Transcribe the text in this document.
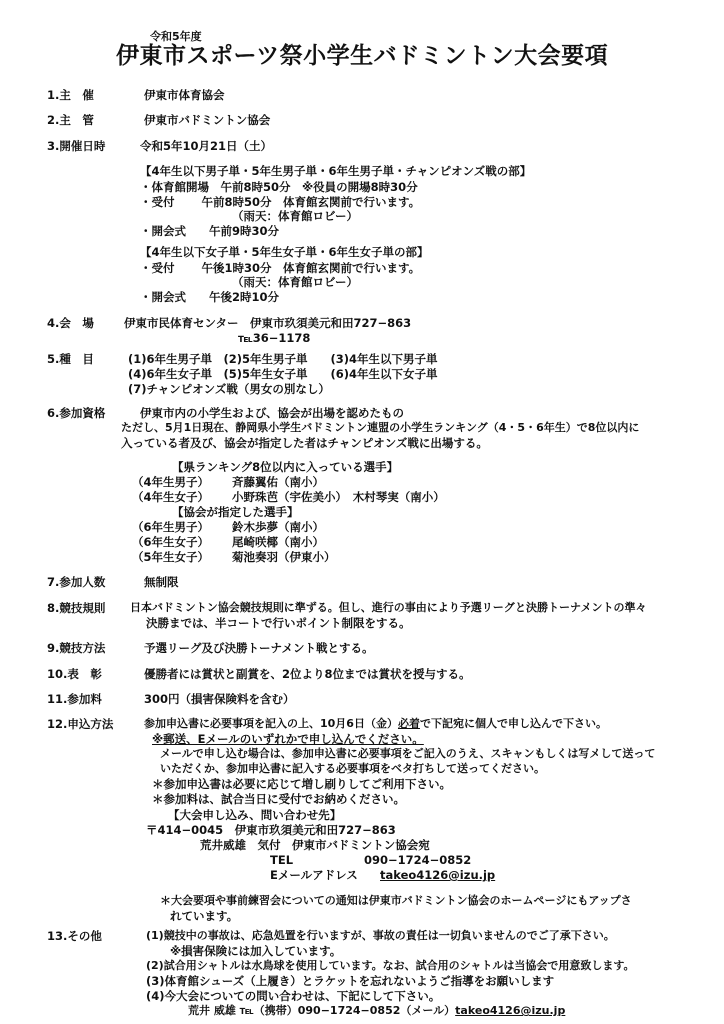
令和5年度
伊東市スポーツ祭小学生バドミントン大会要項
1.主　催	伊東市体育協会
2.主　管	伊東市バドミントン協会
3.開催日時	令和5年10月21日（土）
【4年生以下男子単・5年生男子単・6年生男子単・チャンピオンズ戦の部】
・体育館開場　午前8時50分　※役員の開場8時30分
・受付　　 午前8時50分　体育館玄関前で行います。
（雨天：体育館ロビー）
・開会式　　午前9時30分
【4年生以下女子単・5年生女子単・6年生女子単の部】
・受付　　 午後1時30分　体育館玄関前で行います。
（雨天：体育館ロビー）
・開会式　　午後2時10分
4.会　場	伊東市民体育センター　伊東市玖須美元和田727−863
℡36−1178
5.種　目	(1)6年生男子単　(2)5年生男子単　　(3)4年生以下男子単
(4)6年生女子単　(5)5年生女子単　　(6)4年生以下女子単
(7)チャンピオンズ戦（男女の別なし）
6.参加資格	伊東市内の小学生および、協会が出場を認めたもの
ただし、5月1日現在、静岡県小学生バドミントン連盟の小学生ランキング（4・5・6年生）で8位以内に
入っている者及び、協会が指定した者はチャンピオンズ戦に出場する。
【県ランキング8位以内に入っている選手】
（4年生男子） 斉藤翼佑（南小）
（4年生女子） 小野珠芭（宇佐美小）　木村琴実（南小）
【協会が指定した選手】
（6年生男子） 鈴木歩夢（南小）
（6年生女子） 尾崎咲椰（南小）
（5年生女子） 菊池奏羽（伊東小）
7.参加人数	無制限
8.競技規則 日本バドミントン協会競技規則に準ずる。但し、進行の事由により予選リーグと決勝トーナメントの準々
決勝までは、半コートで行いポイント制限をする。
9.競技方法	予選リーグ及び決勝トーナメント戦とする。
10.表　彰	優勝者には賞状と副賞を、2位より8位までは賞状を授与する。
11.参加料	300円（損害保険料を含む）
12.申込方法	参加申込書に必要事項を記入の上、10月6日（金）必着で下記宛に個人で申し込んで下さい。
※郵送、Eメールのいずれかで申し込んでください。
メールで申し込む場合は、参加申込書に必要事項をご記入のうえ、スキャンもしくは写メして送って
いただくか、参加申込書に記入する必要事項をベタ打ちして送ってください。
＊参加申込書は必要に応じて増し刷りしてご利用下さい。
＊参加料は、試合当日に受付でお納めください。
【大会申し込み、問い合わせ先】
〒414−0045　伊東市玖須美元和田727−863
荒井威雄　気付　伊東市バドミントン協会宛
TEL	090−1724−0852
Eメールアドレス takeo4126@izu.jp
＊大会要項や事前練習会についての通知は伊東市バドミントン協会のホームページにもアップさ
れています。
13.その他	(1)競技中の事故は、応急処置を行いますが、事故の責任は一切負いませんのでご了承下さい。
※損害保険には加入しています。
(2)試合用シャトルは水鳥球を使用しています。なお、試合用のシャトルは当協会で用意致します。
(3)体育館シューズ（上履き）とラケットを忘れないようご指導をお願いします
(4)今大会についての問い合わせは、下記にして下さい。
荒井 威雄 ℡（携帯）090−1724−0852（メール）takeo4126@izu.jp
